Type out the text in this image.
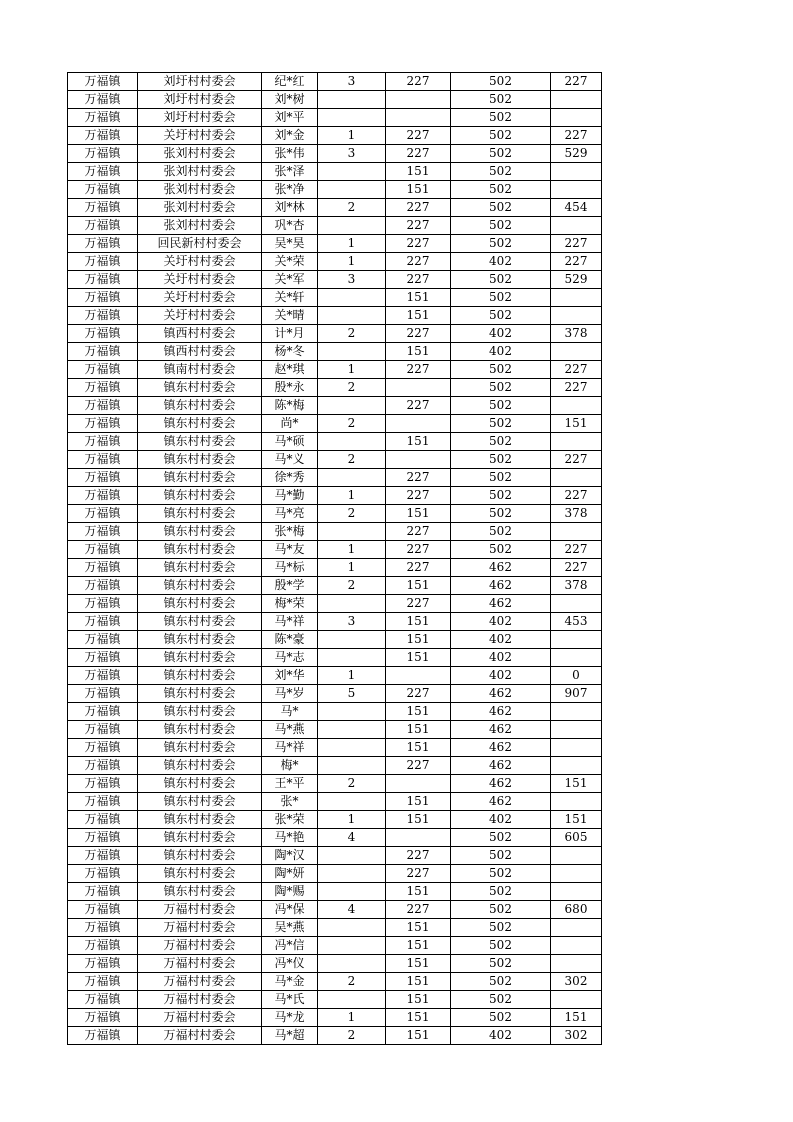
万福镇	刘圩村村委会	纪*红	3	227	502	227
万福镇	刘圩村村委会	刘*树			502	
万福镇	刘圩村村委会	刘*平			502	
万福镇	关圩村村委会	刘*金	1	227	502	227
万福镇	张刘村村委会	张*伟	3	227	502	529
万福镇	张刘村村委会	张*泽		151	502	
万福镇	张刘村村委会	张*净		151	502	
万福镇	张刘村村委会	刘*林	2	227	502	454
万福镇	张刘村村委会	巩*杏		227	502	
万福镇	回民新村村委会	吴*昊	1	227	502	227
万福镇	关圩村村委会	关*荣	1	227	402	227
万福镇	关圩村村委会	关*军	3	227	502	529
万福镇	关圩村村委会	关*轩		151	502	
万福镇	关圩村村委会	关*晴		151	502	
万福镇	镇西村村委会	计*月	2	227	402	378
万福镇	镇西村村委会	杨*冬		151	402	
万福镇	镇南村村委会	赵*琪	1	227	502	227
万福镇	镇东村村委会	殷*永	2		502	227
万福镇	镇东村村委会	陈*梅		227	502	
万福镇	镇东村村委会	尚*	2		502	151
万福镇	镇东村村委会	马*硕		151	502	
万福镇	镇东村村委会	马*义	2		502	227
万福镇	镇东村村委会	徐*秀		227	502	
万福镇	镇东村村委会	马*勤	1	227	502	227
万福镇	镇东村村委会	马*亮	2	151	502	378
万福镇	镇东村村委会	张*梅		227	502	
万福镇	镇东村村委会	马*友	1	227	502	227
万福镇	镇东村村委会	马*标	1	227	462	227
万福镇	镇东村村委会	殷*学	2	151	462	378
万福镇	镇东村村委会	梅*荣		227	462	
万福镇	镇东村村委会	马*祥	3	151	402	453
万福镇	镇东村村委会	陈*豪		151	402	
万福镇	镇东村村委会	马*志		151	402	
万福镇	镇东村村委会	刘*华	1		402	0
万福镇	镇东村村委会	马*岁	5	227	462	907
万福镇	镇东村村委会	马*		151	462	
万福镇	镇东村村委会	马*燕		151	462	
万福镇	镇东村村委会	马*祥		151	462	
万福镇	镇东村村委会	梅*		227	462	
万福镇	镇东村村委会	王*平	2		462	151
万福镇	镇东村村委会	张*		151	462	
万福镇	镇东村村委会	张*荣	1	151	402	151
万福镇	镇东村村委会	马*艳	4		502	605
万福镇	镇东村村委会	陶*汉		227	502	
万福镇	镇东村村委会	陶*妍		227	502	
万福镇	镇东村村委会	陶*赐		151	502	
万福镇	万福村村委会	冯*保	4	227	502	680
万福镇	万福村村委会	吴*燕		151	502	
万福镇	万福村村委会	冯*信		151	502	
万福镇	万福村村委会	冯*仪		151	502	
万福镇	万福村村委会	马*金	2	151	502	302
万福镇	万福村村委会	马*氏		151	502	
万福镇	万福村村委会	马*龙	1	151	502	151
万福镇	万福村村委会	马*超	2	151	402	302
